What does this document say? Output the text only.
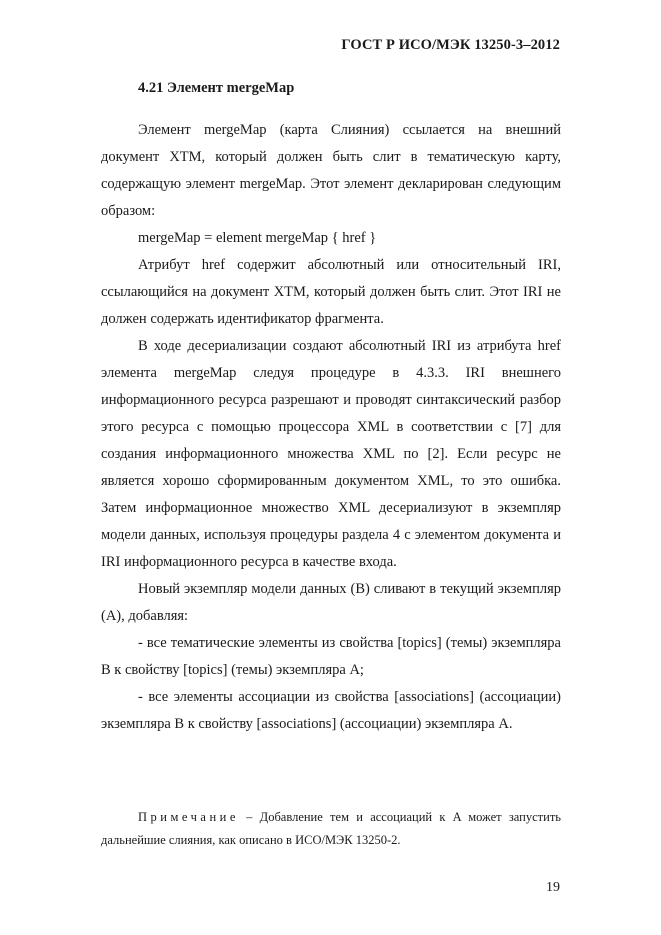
ГОСТ Р ИСО/МЭК 13250-3–2012
4.21 Элемент mergeMap

Элемент mergeMap (карта Слияния) ссылается на внешний документ XTM, который должен быть слит в тематическую карту, содержащую элемент mergeMap. Этот элемент декларирован следующим образом:

mergeMap = element mergeMap { href }

Атрибут href содержит абсолютный или относительный IRI, ссылающийся на документ XTM, который должен быть слит. Этот IRI не должен содержать идентификатор фрагмента.

В ходе десериализации создают абсолютный IRI из атрибута href элемента mergeMap следуя процедуре в 4.3.3. IRI внешнего информационного ресурса разрешают и проводят синтаксический разбор этого ресурса с помощью процессора XML в соответствии с [7] для создания информационного множества XML по [2]. Если ресурс не является хорошо сформированным документом XML, то это ошибка. Затем информационное множество XML десериализуют в экземпляр модели данных, используя процедуры раздела 4 с элементом документа и IRI информационного ресурса в качестве входа.

Новый экземпляр модели данных (B) сливают в текущий экземпляр (A), добавляя:

- все тематические элементы из свойства [topics] (темы) экземпляра B к свойству [topics] (темы) экземпляра A;

- все элементы ассоциации из свойства [associations] (ассоциации) экземпляра B к свойству [associations] (ассоциации) экземпляра A.

Примечание – Добавление тем и ассоциаций к A может запустить дальнейшие слияния, как описано в ИСО/МЭК 13250-2.
19
